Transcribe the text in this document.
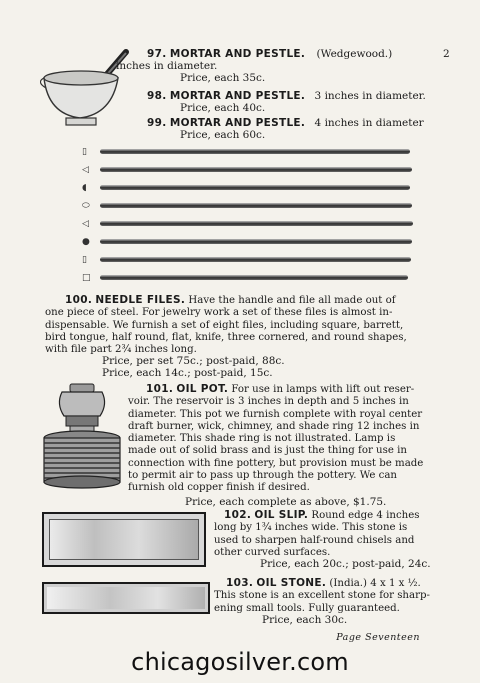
97. MORTAR AND PESTLE. (Wedgewood.)	2
inches in diameter.
Price, each 35c.
98. MORTAR AND PESTLE. 3 inches in diameter.
Price, each 40c.
99. MORTAR AND PESTLE. 4 inches in diameter
Price, each 60c.
▯
◁
◖
⬭
◁
●
▯
□
100. NEEDLE FILES. Have the handle and file all made out of
one piece of steel. For jewelry work a set of these files is almost in-
dispensable. We furnish a set of eight files, including square, barrett,
bird tongue, half round, flat, knife, three cornered, and round shapes,
with file part 2¾ inches long.
Price, per set 75c.; post-paid, 88c.
Price, each 14c.; post-paid, 15c.
101. OIL POT. For use in lamps with lift out reser-
voir. The reservoir is 3 inches in depth and 5 inches in
diameter. This pot we furnish complete with royal center
draft burner, wick, chimney, and shade ring 12 inches in
diameter. This shade ring is not illustrated. Lamp is
made out of solid brass and is just the thing for use in
connection with fine pottery, but provision must be made
to permit air to pass up through the pottery. We can
furnish old copper finish if desired.
Price, each complete as above, $1.75.
102. OIL SLIP. Round edge 4 inches
long by 1¾ inches wide. This stone is
used to sharpen half-round chisels and
other curved surfaces.
Price, each 20c.; post-paid, 24c.
103. OIL STONE. (India.) 4 x 1 x ½.
This stone is an excellent stone for sharp-
ening small tools. Fully guaranteed.
Price, each 30c.
Page Seventeen
chicagosilver.com
